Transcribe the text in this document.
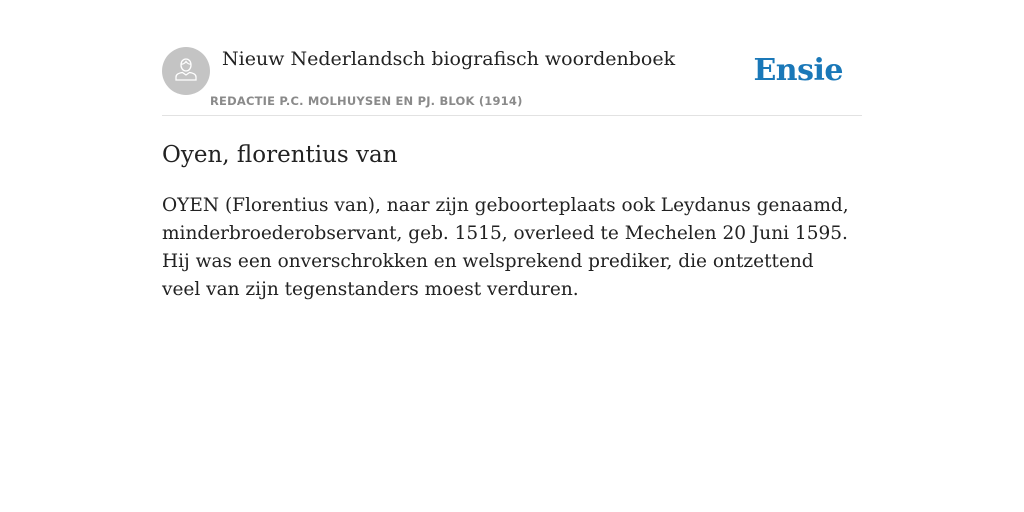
Nieuw Nederlandsch biografisch woordenboek
REDACTIE P.C. MOLHUYSEN EN PJ. BLOK (1914)
Ensie
Oyen, florentius van

OYEN (Florentius van), naar zijn geboorteplaats ook Leydanus genaamd, minderbroederobservant, geb. 1515, overleed te Mechelen 20 Juni 1595. Hij was een onverschrokken en welsprekend prediker, die ontzettend veel van zijn tegenstanders moest verduren.
